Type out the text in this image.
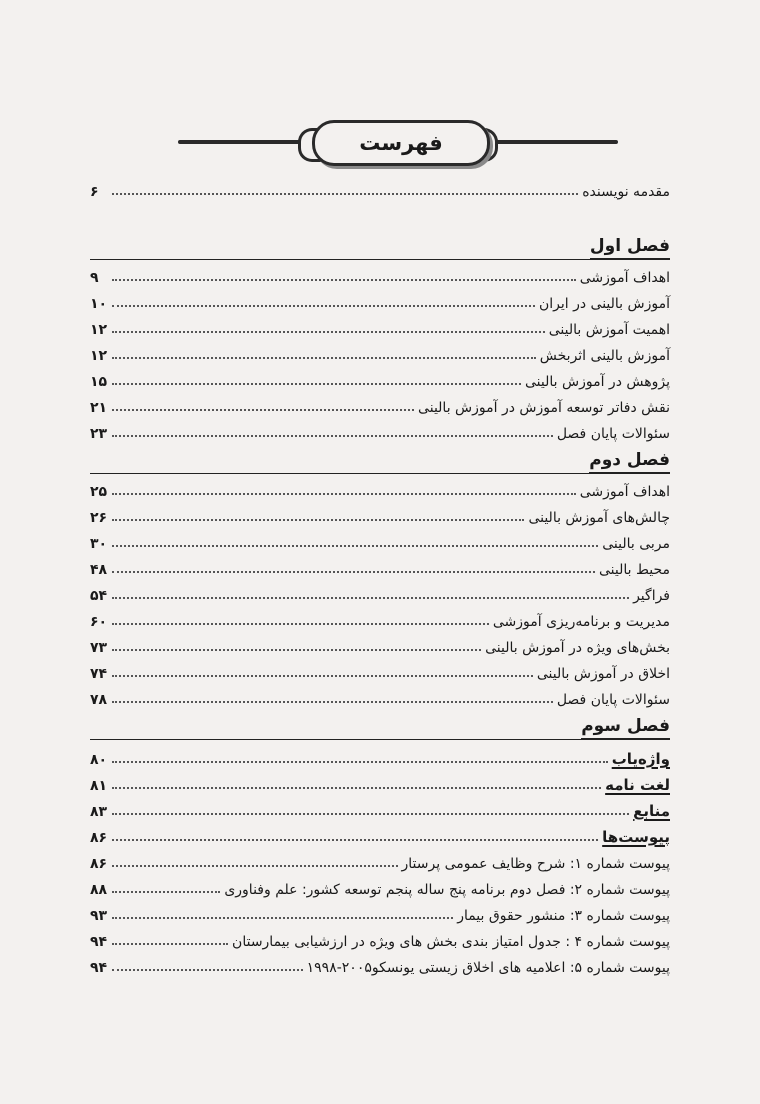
فهرست
مقدمه نویسنده
۶
فصل اول
اهداف آموزشی
۹
آموزش بالینی در ایران
۱۰
اهمیت آموزش بالینی
۱۲
آموزش بالینی اثربخش
۱۲
پژوهش در آموزش بالینی
۱۵
نقش دفاتر توسعه آموزش در آموزش بالینی
۲۱
سئوالات پایان فصل
۲۳
فصل دوم
اهداف آموزشی
۲۵
چالش‌های آموزش بالینی
۲۶
مربی بالینی
۳۰
محیط بالینی
۴۸
فراگیر
۵۴
مدیریت و برنامه‌ریزی آموزشی
۶۰
بخش‌های ویژه در آموزش بالینی
۷۳
اخلاق در آموزش بالینی
۷۴
سئوالات پایان فصل
۷۸
فصل سوم
واژه‌یاب
۸۰
لغت نامه
۸۱
منابع
۸۳
پیوست‌ها
۸۶
پیوست شماره ۱: شرح وظایف عمومی پرستار
۸۶
پیوست شماره ۲: فصل دوم برنامه پنج ساله پنجم توسعه کشور: علم وفناوری
۸۸
پیوست شماره ۳: منشور حقوق بیمار
۹۳
پیوست شماره ۴ : جدول امتیاز بندی بخش های ویژه در ارزشیابی بیمارستان
۹۴
پیوست شماره ۵: اعلامیه های اخلاق زیستی یونسکو۲۰۰۵-۱۹۹۸
۹۴
